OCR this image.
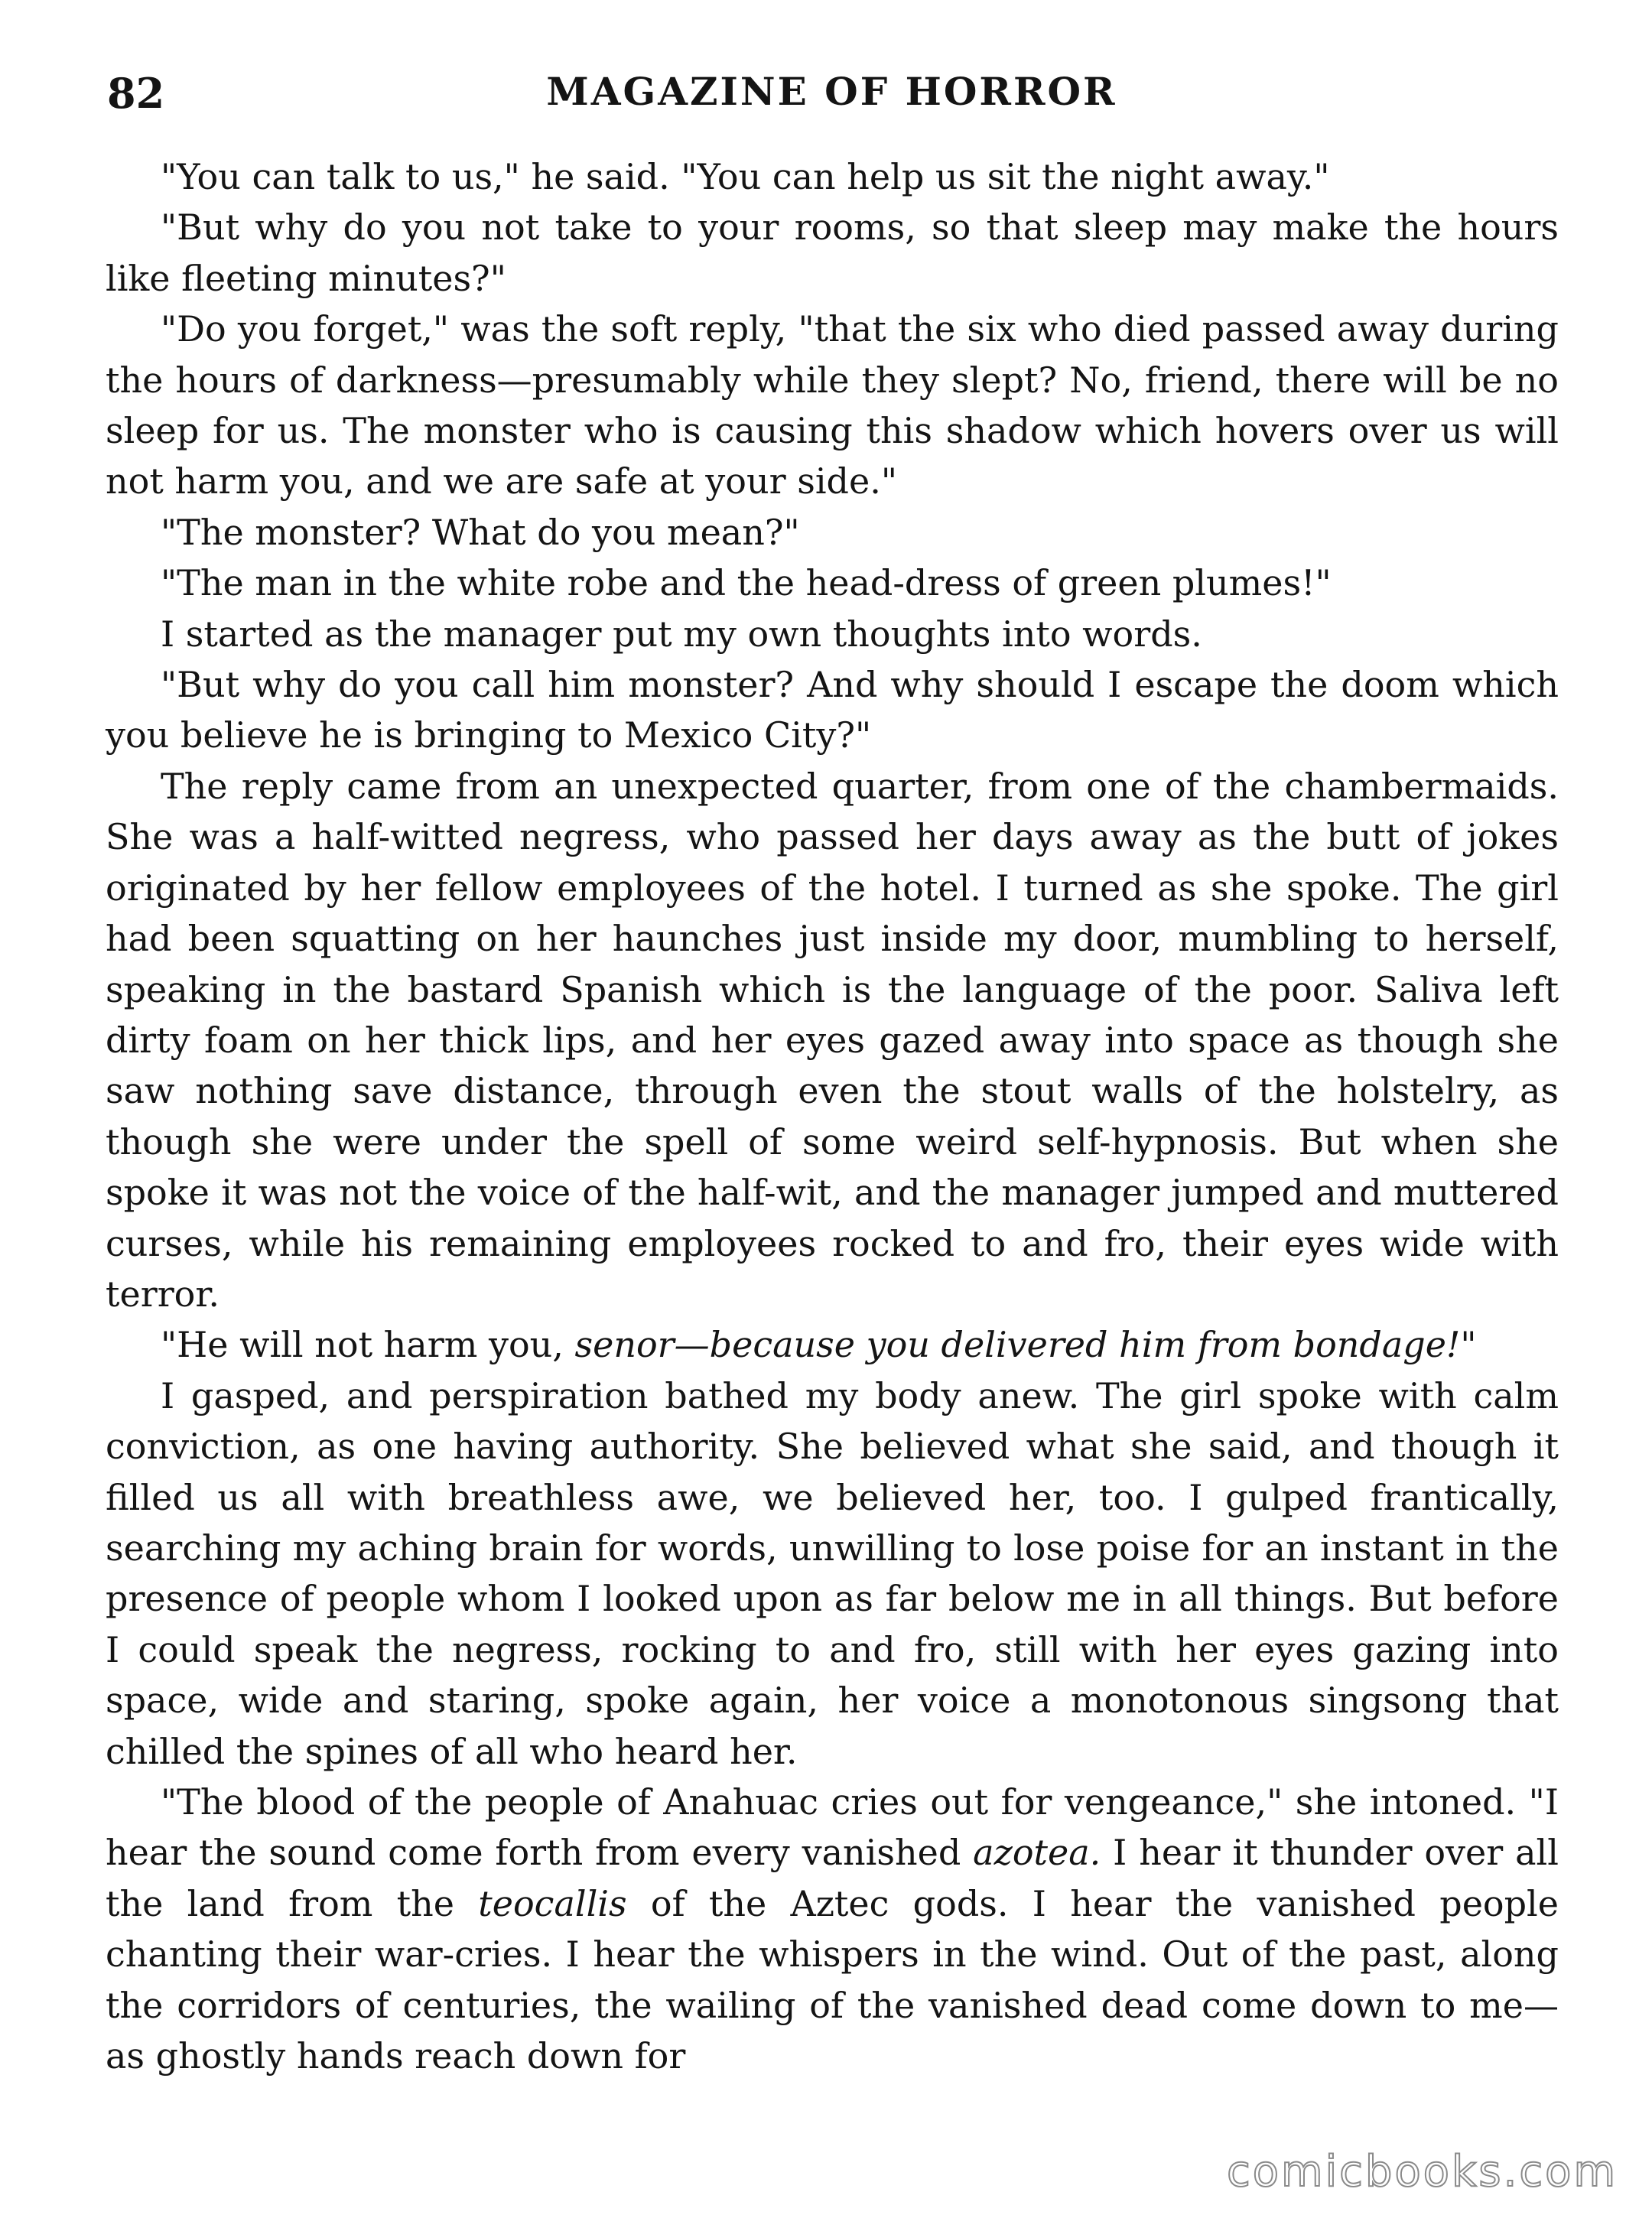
82	MAGAZINE OF HORROR

"You can talk to us," he said. "You can help us sit the night away."

"But why do you not take to your rooms, so that sleep may make the hours like fleeting minutes?"

"Do you forget," was the soft reply, "that the six who died passed away during the hours of darkness—presumably while they slept? No, friend, there will be no sleep for us. The monster who is causing this shadow which hovers over us will not harm you, and we are safe at your side."

"The monster? What do you mean?"

"The man in the white robe and the head-dress of green plumes!"

I started as the manager put my own thoughts into words.

"But why do you call him monster? And why should I escape the doom which you believe he is bringing to Mexico City?"

The reply came from an unexpected quarter, from one of the chambermaids. She was a half-witted negress, who passed her days away as the butt of jokes originated by her fellow employees of the hotel. I turned as she spoke. The girl had been squatting on her haunches just inside my door, mumbling to herself, speaking in the bastard Spanish which is the language of the poor. Saliva left dirty foam on her thick lips, and her eyes gazed away into space as though she saw nothing save distance, through even the stout walls of the holstelry, as though she were under the spell of some weird self-hypnosis. But when she spoke it was not the voice of the half-wit, and the manager jumped and muttered curses, while his remaining employees rocked to and fro, their eyes wide with terror.

"He will not harm you, senor—because you delivered him from bondage!"

I gasped, and perspiration bathed my body anew. The girl spoke with calm conviction, as one having authority. She believed what she said, and though it filled us all with breathless awe, we believed her, too. I gulped frantically, searching my aching brain for words, unwilling to lose poise for an instant in the presence of people whom I looked upon as far below me in all things. But before I could speak the negress, rocking to and fro, still with her eyes gazing into space, wide and staring, spoke again, her voice a monotonous singsong that chilled the spines of all who heard her.

"The blood of the people of Anahuac cries out for vengeance," she intoned. "I hear the sound come forth from every vanished azotea. I hear it thunder over all the land from the teocallis of the Aztec gods. I hear the vanished people chanting their war-cries. I hear the whispers in the wind. Out of the past, along the corridors of centuries, the wailing of the vanished dead come down to me— as ghostly hands reach down for

comicbooks.com
